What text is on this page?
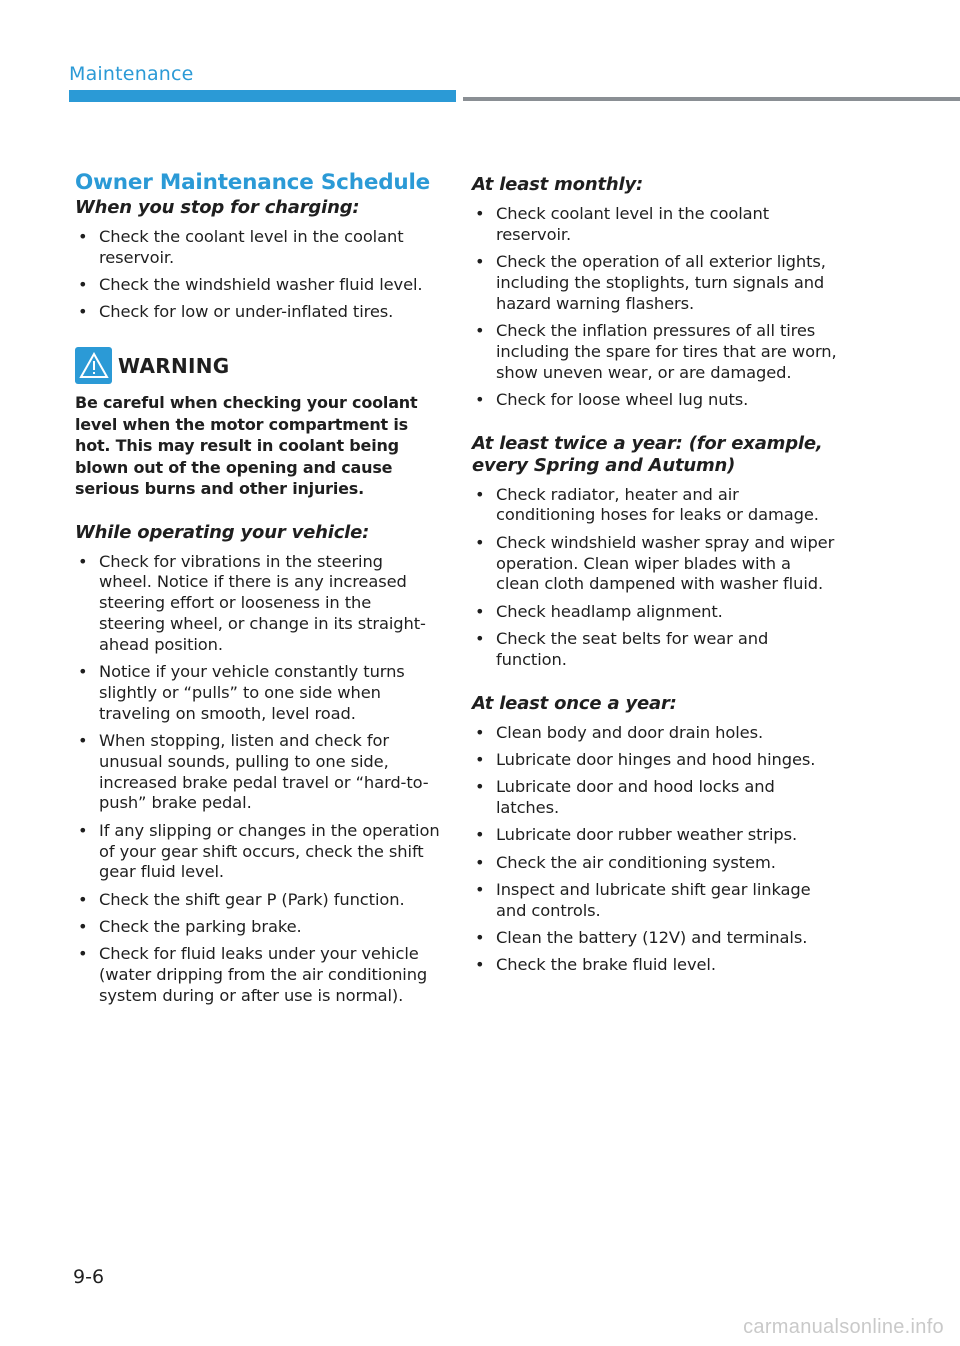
Maintenance
Owner Maintenance Schedule
When you stop for charging:
• Check the coolant level in the coolant reservoir.
• Check the windshield washer fluid level.
• Check for low or under-inflated tires.
WARNING

Be careful when checking your coolant level when the motor compartment is hot. This may result in coolant being blown out of the opening and cause serious burns and other injuries.

While operating your vehicle:
• Check for vibrations in the steering wheel. Notice if there is any increased steering effort or looseness in the steering wheel, or change in its straight-ahead position.
• Notice if your vehicle constantly turns slightly or “pulls” to one side when traveling on smooth, level road.
• When stopping, listen and check for unusual sounds, pulling to one side, increased brake pedal travel or “hard-to-push” brake pedal.
• If any slipping or changes in the operation of your gear shift occurs, check the shift gear fluid level.
• Check the shift gear P (Park) function.
• Check the parking brake.
• Check for fluid leaks under your vehicle (water dripping from the air conditioning system during or after use is normal).
At least monthly:
• Check coolant level in the coolant reservoir.
• Check the operation of all exterior lights, including the stoplights, turn signals and hazard warning flashers.
• Check the inflation pressures of all tires including the spare for tires that are worn, show uneven wear, or are damaged.
• Check for loose wheel lug nuts.
At least twice a year: (for example, every Spring and Autumn)
• Check radiator, heater and air conditioning hoses for leaks or damage.
• Check windshield washer spray and wiper operation. Clean wiper blades with a clean cloth dampened with washer fluid.
• Check headlamp alignment.
• Check the seat belts for wear and function.
At least once a year:
• Clean body and door drain holes.
• Lubricate door hinges and hood hinges.
• Lubricate door and hood locks and latches.
• Lubricate door rubber weather strips.
• Check the air conditioning system.
• Inspect and lubricate shift gear linkage and controls.
• Clean the battery (12V) and terminals.
• Check the brake fluid level.
9-6
carmanualsonline.info
